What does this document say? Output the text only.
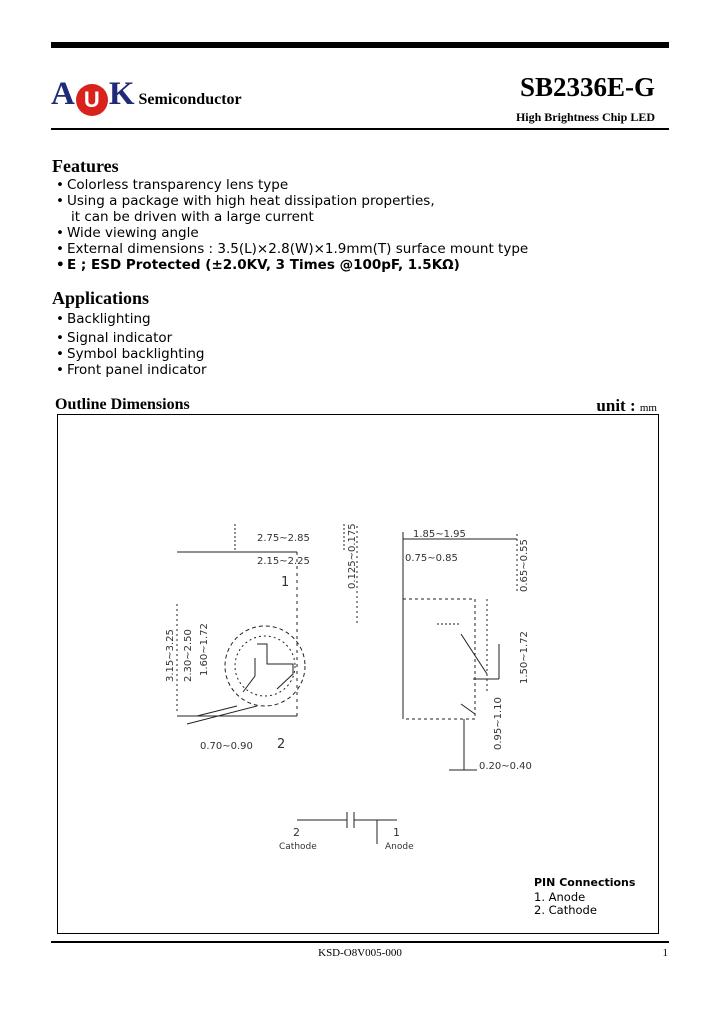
A U K Semiconductor	SB2336E-G
High Brightness Chip LED
Features
• Colorless transparency lens type
• Using a package with high heat dissipation properties,
it can be driven with a large current
• Wide viewing angle
• External dimensions : 3.5(L)×2.8(W)×1.9mm(T) surface mount type
• E ; ESD Protected (±2.0KV, 3 Times @100pF, 1.5KΩ)
Applications
• Backlighting
• Signal indicator
• Symbol backlighting
• Front panel indicator
Outline Dimensions	unit : mm
2.75~2.85
2.15~2.25	0.125~0.175
3.15~3.25 2.30~2.50 1.60~1.72
0.70~0.90
1.85~1.95
0.75~0.85	0.65~0.55
1.50~1.72
0.95~1.10
0.20~0.40
1
2
2
Cathode
1
Anode
PIN Connections
1. Anode
2. Cathode
KSD-O8V005-000	1
